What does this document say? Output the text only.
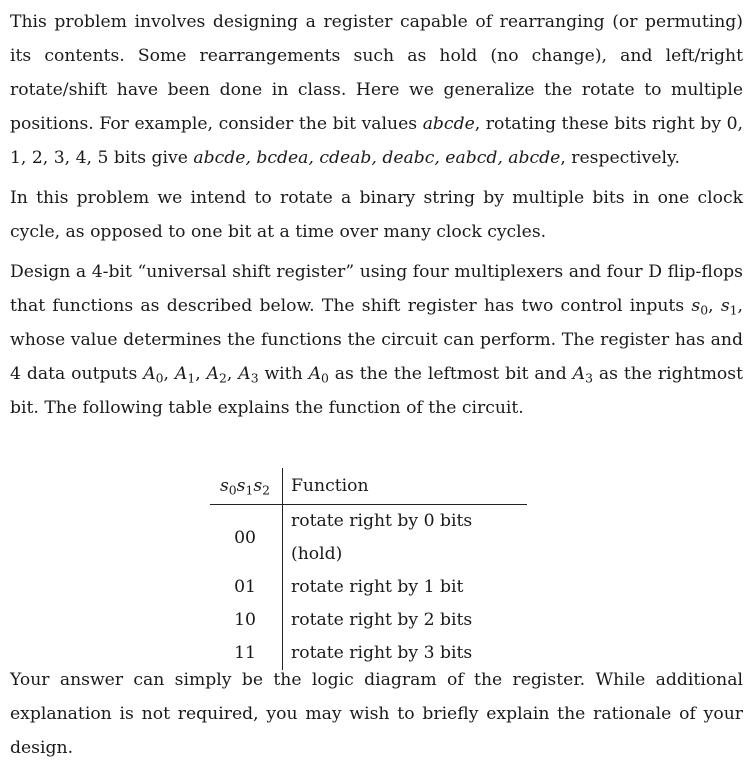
This problem involves designing a register capable of rearranging (or permuting) its contents. Some rearrangements such as hold (no change), and left/right rotate/shift have been done in class. Here we generalize the rotate to multiple positions. For example, consider the bit values abcde, rotating these bits right by 0, 1, 2, 3, 4, 5 bits give abcde, bcdea, cdeab, deabc, eabcd, abcde, respectively.

In this problem we intend to rotate a binary string by multiple bits in one clock cycle, as opposed to one bit at a time over many clock cycles.

Design a 4-bit “universal shift register” using four multiplexers and four D flip-flops that functions as described below. The shift register has two control inputs $s_0$, $s_1$, whose value determines the functions the circuit can perform. The register has and 4 data outputs $A_0$, $A_1$, $A_2$, $A_3$ with $A_0$ as the the leftmost bit and $A_3$ as the rightmost bit. The following table explains the function of the circuit.

$s_0s_1s_2$	Function
00	rotate right by 0 bits (hold)
01	rotate right by 1 bit
10	rotate right by 2 bits
11	rotate right by 3 bits

Your answer can simply be the logic diagram of the register. While additional explanation is not required, you may wish to briefly explain the rationale of your design.
